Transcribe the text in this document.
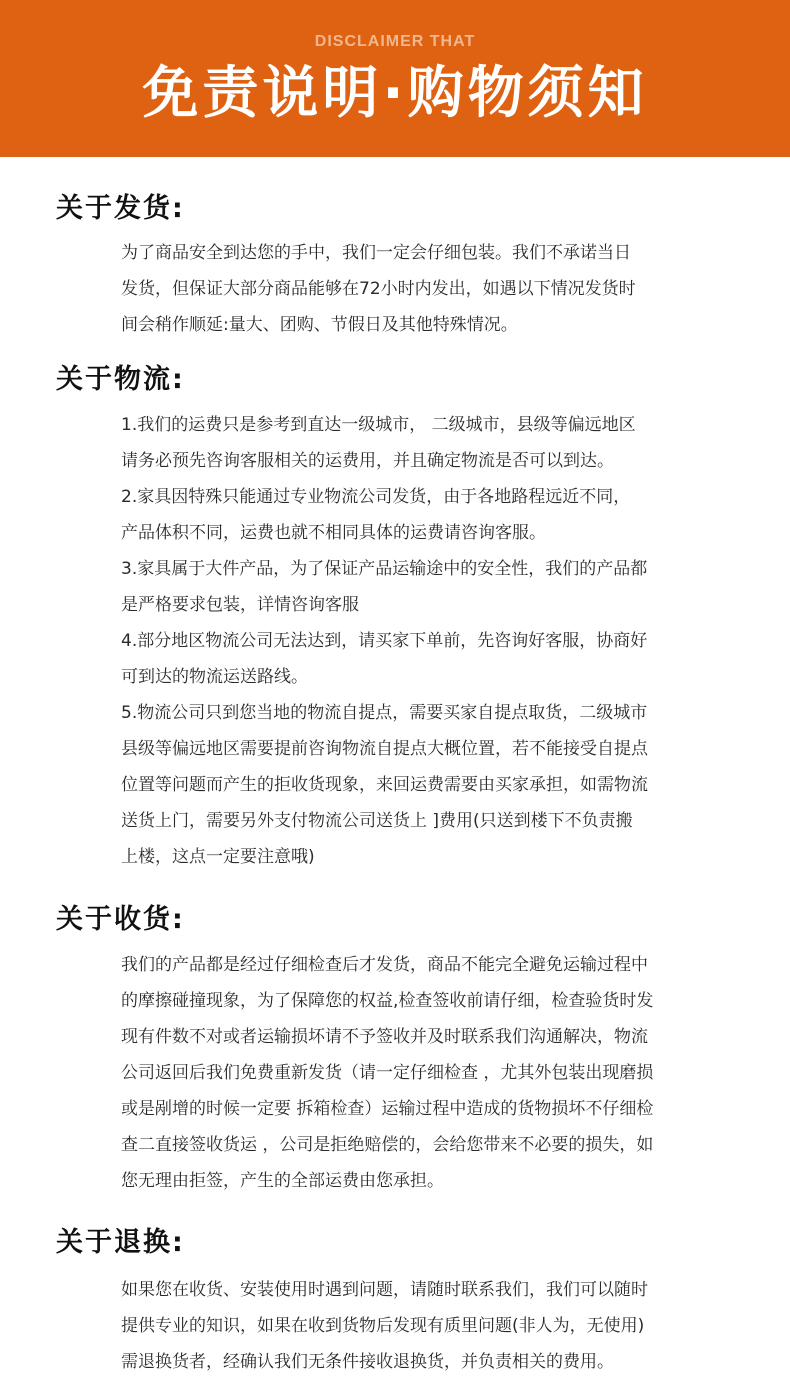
DISCLAIMER THAT
免责说明·购物须知
关于发货:
为了商品安全到达您的手中，我们一定会仔细包装。我们不承诺当日
发货，但保证大部分商品能够在72小时内发出，如遇以下情况发货时
间会稍作顺延:量大、团购、节假日及其他特殊情况。
关于物流:
1.我们的运费只是参考到直达一级城市， 二级城市，县级等偏远地区
请务必预先咨询客服相关的运费用，并且确定物流是否可以到达。
2.家具因特殊只能通过专业物流公司发货，由于各地路程远近不同，
产品体积不同，运费也就不相同具体的运费请咨询客服。
3.家具属于大件产品，为了保证产品运输途中的安全性，我们的产品都
是严格要求包装，详情咨询客服
4.部分地区物流公司无法达到，请买家下单前，先咨询好客服，协商好
可到达的物流运送路线。
5.物流公司只到您当地的物流自提点，需要买家自提点取货，二级城市
县级等偏远地区需要提前咨询物流自提点大概位置，若不能接受自提点
位置等问题而产生的拒收货现象，来回运费需要由买家承担，如需物流
送货上门，需要另外支付物流公司送货上 ]费用(只送到楼下不负责搬
上楼，这点一定要注意哦)
关于收货:
我们的产品都是经过仔细检查后才发货，商品不能完全避免运输过程中
的摩擦碰撞现象，为了保障您的权益,检查签收前请仔细，检查验货时发
现有件数不对或者运输损坏请不予签收并及时联系我们沟通解决，物流
公司返回后我们免费重新发货（请一定仔细检查 ，尤其外包装出现磨损
或是剐增的时候一定要 拆箱检查）运输过程中造成的货物损坏不仔细检
查二直接签收货运 ，公司是拒绝赔偿的，会给您带来不必要的损失，如
您无理由拒签，产生的全部运费由您承担。
关于退换:
如果您在收货、安装使用时遇到问题，请随时联系我们，我们可以随时
提供专业的知识，如果在收到货物后发现有质里问题(非人为，无使用)
需退换货者，经确认我们无条件接收退换货，并负责相关的费用。
